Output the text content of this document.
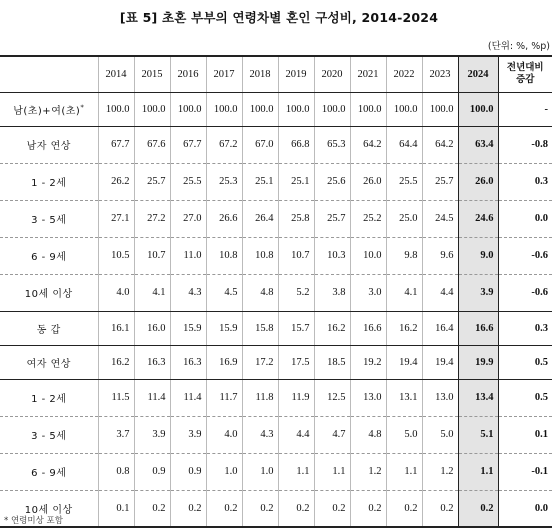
[표 5] 초혼 부부의 연령차별 혼인 구성비, 2014-2024
(단위: %, %p)
	2014	2015	2016	2017	2018	2019	2020	2021	2022	2023	2024	전년대비
증감
남(초)+여(초)*	100.0	100.0	100.0	100.0	100.0	100.0	100.0	100.0	100.0	100.0	100.0	-
남자 연상	67.7	67.6	67.7	67.2	67.0	66.8	65.3	64.2	64.4	64.2	63.4	-0.8
1 - 2세	26.2	25.7	25.5	25.3	25.1	25.1	25.6	26.0	25.5	25.7	26.0	0.3
3 - 5세	27.1	27.2	27.0	26.6	26.4	25.8	25.7	25.2	25.0	24.5	24.6	0.0
6 - 9세	10.5	10.7	11.0	10.8	10.8	10.7	10.3	10.0	9.8	9.6	9.0	-0.6
10세 이상	4.0	4.1	4.3	4.5	4.8	5.2	3.8	3.0	4.1	4.4	3.9	-0.6
동 갑	16.1	16.0	15.9	15.9	15.8	15.7	16.2	16.6	16.2	16.4	16.6	0.3
여자 연상	16.2	16.3	16.3	16.9	17.2	17.5	18.5	19.2	19.4	19.4	19.9	0.5
1 - 2세	11.5	11.4	11.4	11.7	11.8	11.9	12.5	13.0	13.1	13.0	13.4	0.5
3 - 5세	3.7	3.9	3.9	4.0	4.3	4.4	4.7	4.8	5.0	5.0	5.1	0.1
6 - 9세	0.8	0.9	0.9	1.0	1.0	1.1	1.1	1.2	1.1	1.2	1.1	-0.1
10세 이상	0.1	0.2	0.2	0.2	0.2	0.2	0.2	0.2	0.2	0.2	0.2	0.0
* 연령미상 포함
